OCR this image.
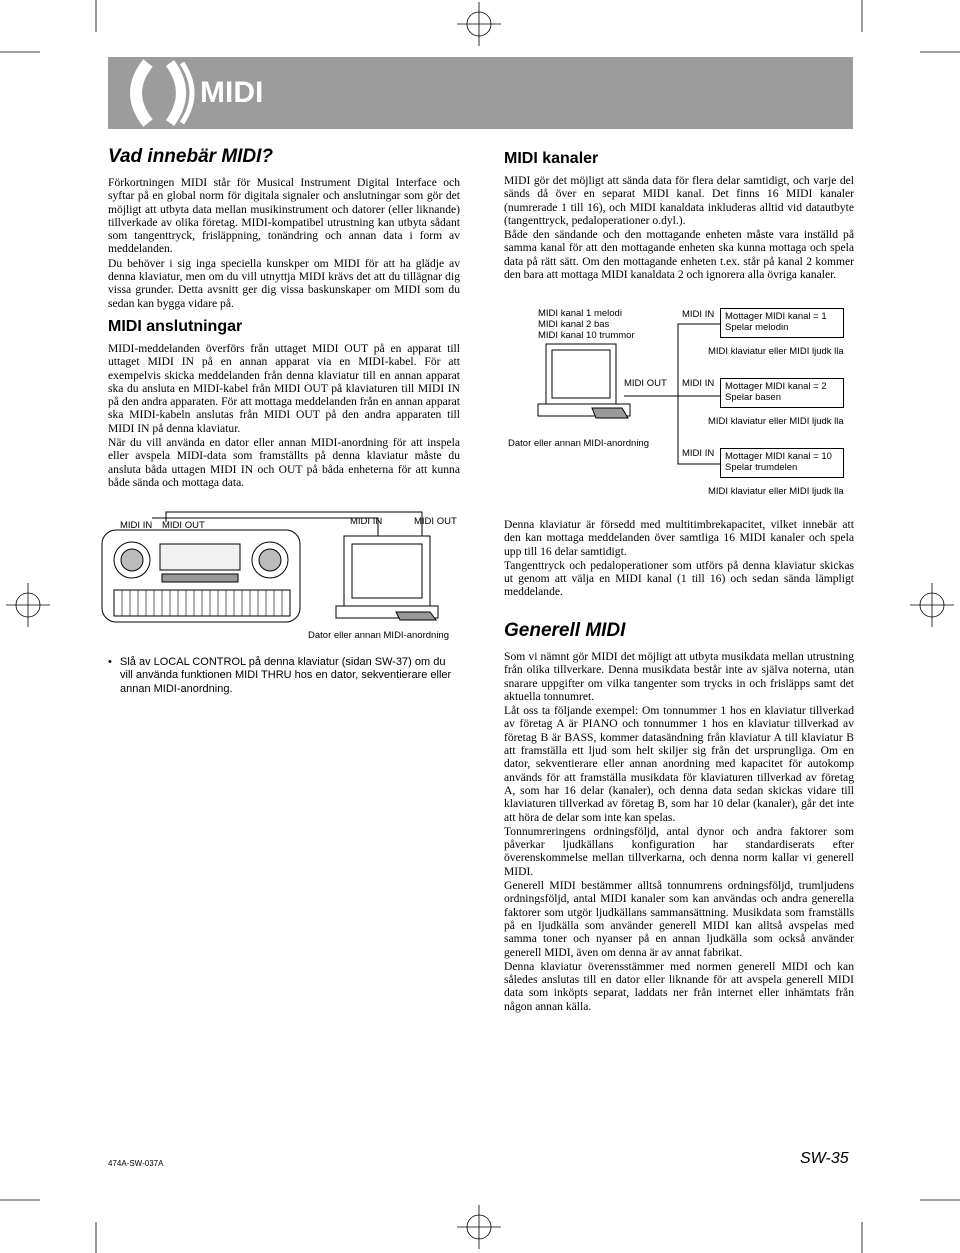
MIDI
Vad innebär MIDI?

Förkortningen MIDI står för Musical Instrument Digital Interface och syftar på en global norm för digitala signaler och anslutningar som gör det möjligt att utbyta data mellan musikinstrument och datorer (eller liknande) tillverkade av olika företag. MIDI-kompatibel utrustning kan utbyta sådant som tangenttryck, frisläppning, tonändring och annan data i form av meddelanden.

Du behöver i sig inga speciella kunskper om MIDI för att ha glädje av denna klaviatur, men om du vill utnyttja MIDI krävs det att du tillägnar dig vissa grunder. Detta avsnitt ger dig vissa baskunskaper om MIDI som du sedan kan bygga vidare på.

MIDI anslutningar

MIDI-meddelanden överförs från uttaget MIDI OUT på en apparat till uttaget MIDI IN på en annan apparat via en MIDI-kabel. För att exempelvis skicka meddelanden från denna klaviatur till en annan apparat ska du ansluta en MIDI-kabel från MIDI OUT på klaviaturen till MIDI IN på den andra apparaten. För att mottaga meddelanden från en annan apparat ska MIDI-kabeln anslutas från MIDI OUT på den andra apparaten till MIDI IN på denna klaviatur.

När du vill använda en dator eller annan MIDI-anordning för att inspela eller avspela MIDI-data som framställts på denna klaviatur måste du ansluta båda uttagen MIDI IN och OUT på båda enheterna för att kunna både sända och mottaga data.

MIDI IN MIDI OUT	MIDI IN	MIDI OUT
Dator eller annan MIDI-anordning
• Slå av LOCAL CONTROL på denna klaviatur (sidan SW-37) om du vill använda funktionen MIDI THRU hos en dator, sekventierare eller annan MIDI-anordning.

MIDI kanaler

MIDI gör det möjligt att sända data för flera delar samtidigt, och varje del sänds då över en separat MIDI kanal. Det finns 16 MIDI kanaler (numrerade 1 till 16), och MIDI kanaldata inkluderas alltid vid datautbyte (tangenttryck, pedaloperationer o.dyl.).

Både den sändande och den mottagande enheten måste vara inställd på samma kanal för att den mottagande enheten ska kunna mottaga och spela data på rätt sätt. Om den mottagande enheten t.ex. står på kanal 2 kommer den bara att mottaga MIDI kanaldata 2 och ignorera alla övriga kanaler.

MIDI kanal 1 melodi
MIDI kanal 2 bas
MIDI kanal 10 trummor
MIDI OUT
Dator eller annan MIDI-anordning
MIDI IN Mottager MIDI kanal = 1
Spelar melodin
MIDI klaviatur eller MIDI ljudk lla
MIDI IN Mottager MIDI kanal = 2
Spelar basen
MIDI klaviatur eller MIDI ljudk lla
MIDI IN Mottager MIDI kanal = 10
Spelar trumdelen
MIDI klaviatur eller MIDI ljudk lla

Denna klaviatur är försedd med multitimbrekapacitet, vilket innebär att den kan mottaga meddelanden över samtliga 16 MIDI kanaler och spela upp till 16 delar samtidigt.

Tangenttryck och pedaloperationer som utförs på denna klaviatur skickas ut genom att välja en MIDI kanal (1 till 16) och sedan sända lämpligt meddelande.

Generell MIDI

Som vi nämnt gör MIDI det möjligt att utbyta musikdata mellan utrustning från olika tillverkare. Denna musikdata består inte av själva noterna, utan snarare uppgifter om vilka tangenter som trycks in och frisläpps samt det aktuella tonnumret.

Låt oss ta följande exempel: Om tonnummer 1 hos en klaviatur tillverkad av företag A är PIANO och tonnummer 1 hos en klaviatur tillverkad av företag B är BASS, kommer datasändning från klaviatur A till klaviatur B att framställa ett ljud som helt skiljer sig från det ursprungliga. Om en dator, sekventierare eller annan anordning med kapacitet för autokomp används för att framställa musikdata för klaviaturen tillverkad av företag A, som har 16 delar (kanaler), och denna data sedan skickas vidare till klaviaturen tillverkad av företag B, som har 10 delar (kanaler), går det inte att höra de delar som inte kan spelas.

Tonnumreringens ordningsföljd, antal dynor och andra faktorer som påverkar ljudkällans konfiguration har standardiserats efter överenskommelse mellan tillverkarna, och denna norm kallar vi generell MIDI.

Generell MIDI bestämmer alltså tonnumrens ordningsföljd, trumljudens ordningsföljd, antal MIDI kanaler som kan användas och andra generella faktorer som utgör ljudkällans sammansättning. Musikdata som framställs på en ljudkälla som använder generell MIDI kan alltså avspelas med samma toner och nyanser på en annan ljudkälla som också använder generell MIDI, även om denna är av annat fabrikat.

Denna klaviatur överensstämmer med normen generell MIDI och kan således anslutas till en dator eller liknande för att avspela generell MIDI data som inköpts separat, laddats ner från internet eller inhämtats från någon annan källa.

474A-SW-037A	SW-35
